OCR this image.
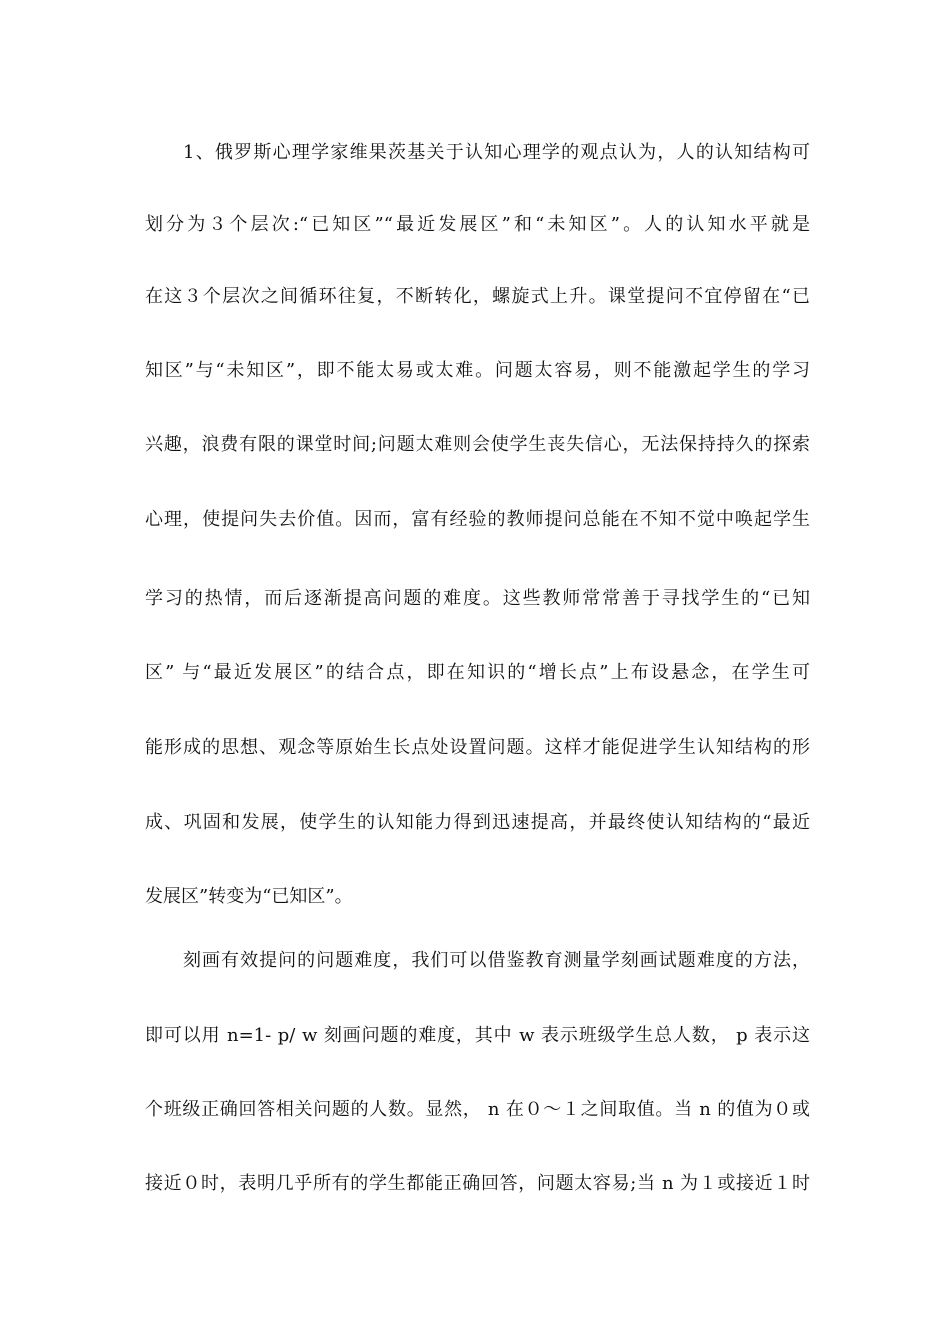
1、俄罗斯心理学家维果茨基关于认知心理学的观点认为，人的认知结构可
划分为３个层次:“已知区”“最近发展区”和“未知区”。人的认知水平就是
在这３个层次之间循环往复，不断转化，螺旋式上升。课堂提问不宜停留在“已
知区”与“未知区”，即不能太易或太难。问题太容易，则不能激起学生的学习
兴趣，浪费有限的课堂时间;问题太难则会使学生丧失信心，无法保持持久的探索
心理，使提问失去价值。因而，富有经验的教师提问总能在不知不觉中唤起学生
学习的热情，而后逐渐提高问题的难度。这些教师常常善于寻找学生的“已知
区” 与“最近发展区”的结合点，即在知识的“增长点”上布设悬念，在学生可
能形成的思想、观念等原始生长点处设置问题。这样才能促进学生认知结构的形
成、巩固和发展，使学生的认知能力得到迅速提高，并最终使认知结构的“最近
发展区”转变为“已知区”。
刻画有效提问的问题难度，我们可以借鉴教育测量学刻画试题难度的方法，
即可以用 n=1- p/ w 刻画问题的难度，其中 w 表示班级学生总人数， p 表示这
个班级正确回答相关问题的人数。显然， n 在０～１之间取值。当 n 的值为０或
接近０时，表明几乎所有的学生都能正确回答，问题太容易;当 n 为１或接近１时
